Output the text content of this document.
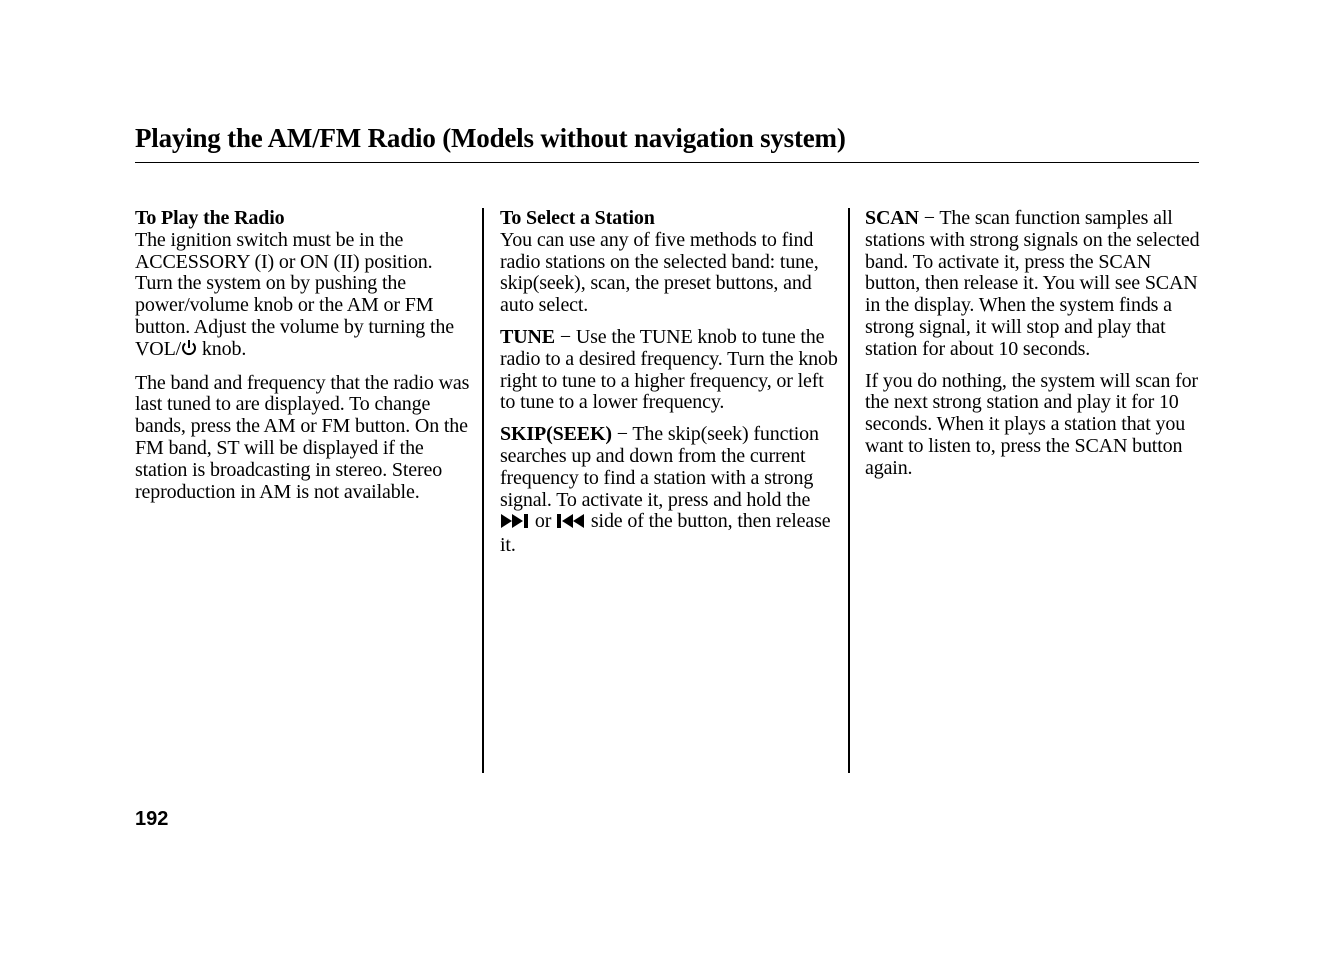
Playing the AM/FM Radio (Models without navigation system)

To Play the Radio
The ignition switch must be in the ACCESSORY (I) or ON (II) position. Turn the system on by pushing the power/volume knob or the AM or FM button. Adjust the volume by turning the VOL/ knob.

The band and frequency that the radio was last tuned to are displayed. To change bands, press the AM or FM button. On the FM band, ST will be displayed if the station is broadcasting in stereo. Stereo reproduction in AM is not available.

To Select a Station
You can use any of five methods to find radio stations on the selected band: tune, skip(seek), scan, the preset buttons, and auto select.

TUNE − Use the TUNE knob to tune the radio to a desired frequency. Turn the knob right to tune to a higher frequency, or left to tune to a lower frequency.

SKIP(SEEK) − The skip(seek) function searches up and down from the current frequency to find a station with a strong signal. To activate it, press and hold the  or  side of the button, then release it.

SCAN − The scan function samples all stations with strong signals on the selected band. To activate it, press the SCAN button, then release it. You will see SCAN in the display. When the system finds a strong signal, it will stop and play that station for about 10 seconds.

If you do nothing, the system will scan for the next strong station and play it for 10 seconds. When it plays a station that you want to listen to, press the SCAN button again.

192
